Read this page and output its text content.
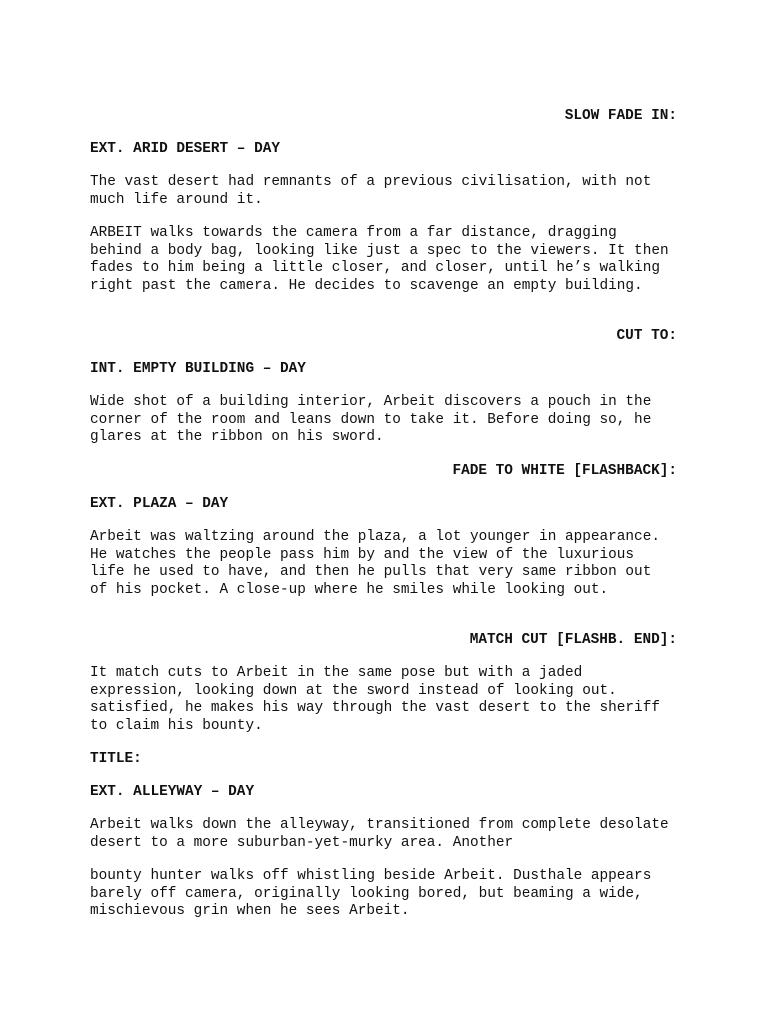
SLOW FADE IN:

EXT. ARID DESERT – DAY

The vast desert had remnants of a previous civilisation, with not much life around it.

ARBEIT walks towards the camera from a far distance, dragging behind a body bag, looking like just a spec to the viewers. It then fades to him being a little closer, and closer, until he’s walking right past the camera. He decides to scavenge an empty building.

CUT TO:

INT. EMPTY BUILDING – DAY

Wide shot of a building interior, Arbeit discovers a pouch in the corner of the room and leans down to take it. Before doing so, he glares at the ribbon on his sword.

FADE TO WHITE [FLASHBACK]:

EXT. PLAZA – DAY

Arbeit was waltzing around the plaza, a lot younger in appearance. He watches the people pass him by and the view of the luxurious life he used to have, and then he pulls that very same ribbon out of his pocket. A close-up where he smiles while looking out.

MATCH CUT [FLASHB. END]:

It match cuts to Arbeit in the same pose but with a jaded expression, looking down at the sword instead of looking out. satisfied, he makes his way through the vast desert to the sheriff to claim his bounty.

TITLE:

EXT. ALLEYWAY – DAY

Arbeit walks down the alleyway, transitioned from complete desolate desert to a more suburban-yet-murky area. Another

bounty hunter walks off whistling beside Arbeit. Dusthale appears barely off camera, originally looking bored, but beaming a wide, mischievous grin when he sees Arbeit.
